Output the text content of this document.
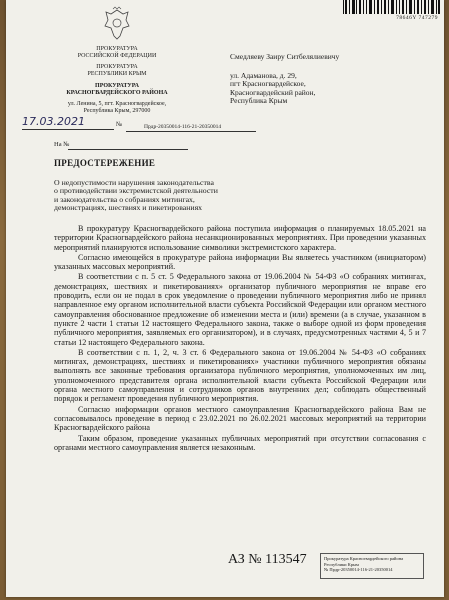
78646Y 747279
ПРОКУРАТУРА
РОССИЙСКОЙ ФЕДЕРАЦИИ
ПРОКУРАТУРА
РЕСПУБЛИКИ КРЫМ
ПРОКУРАТУРА
КРАСНОГВАРДЕЙСКОГО РАЙОНА
ул. Ленина, 5, пгт. Красногвардейское,
Республика Крым, 297000
Смедляеву Заиру Ситбелялиевичу
ул. Адаманова, д. 29,
пгт Красногвардейское,
Красногвардейский район,
Республика Крым
17.03.2021	№	Прдр-20350014-116-21-20350014
На №
ПРЕДОСТЕРЕЖЕНИЕ
О недопустимости нарушения законодательства
о противодействии экстремистской деятельности
и законодательства о собраниях митингах,
демонстрациях, шествиях и пикетированиях

В прокуратуру Красногвардейского района поступила информация о планируемых 18.05.2021 на территории Красногвардейского района несанкционированных мероприятиях. При проведении указанных мероприятий планируются использование символики экстремистского характера.

Согласно имеющейся в прокуратуре района информации Вы являетесь участником (инициатором) указанных массовых мероприятий.

В соответствии с п. 5 ст. 5 Федерального закона от 19.06.2004 № 54-ФЗ «О собраниях митингах, демонстрациях, шествиях и пикетированиях» организатор публичного мероприятия не вправе его проводить, если он не подал в срок уведомление о проведении публичного мероприятия либо не принял направленное ему органом исполнительной власти субъекта Российской Федерации или органом местного самоуправления обоснованное предложение об изменении места и (или) времени (а в случае, указанном в пункте 2 части 1 статьи 12 настоящего Федерального закона, также о выборе одной из форм проведения публичного мероприятия, заявляемых его организатором), и в случаях, предусмотренных частями 4, 5 и 7 статьи 12 настоящего Федерального закона.

В соответствии с п. 1, 2, ч. 3 ст. 6 Федерального закона от 19.06.2004 № 54-ФЗ «О собраниях митингах, демонстрациях, шествиях и пикетированиях» участники публичного мероприятия обязаны выполнять все законные требования организатора публичного мероприятия, уполномоченных им лиц, уполномоченного представителя органа исполнительной власти субъекта Российской Федерации или органа местного самоуправления и сотрудников органов внутренних дел; соблюдать общественный порядок и регламент проведения публичного мероприятия.

Согласно информации органов местного самоуправления Красногвардейского района Вам не согласовывалось проведение в период с 23.02.2021 по 26.02.2021 массовых мероприятий на территории Красногвардейского района

Таким образом, проведение указанных публичных мероприятий при отсутствии согласования с органами местного самоуправления является незаконным.

АЗ № 113547	Прокуратура Красногвардейского района
Республики Крым
№ Прдр-20350014-116-21-20350014
